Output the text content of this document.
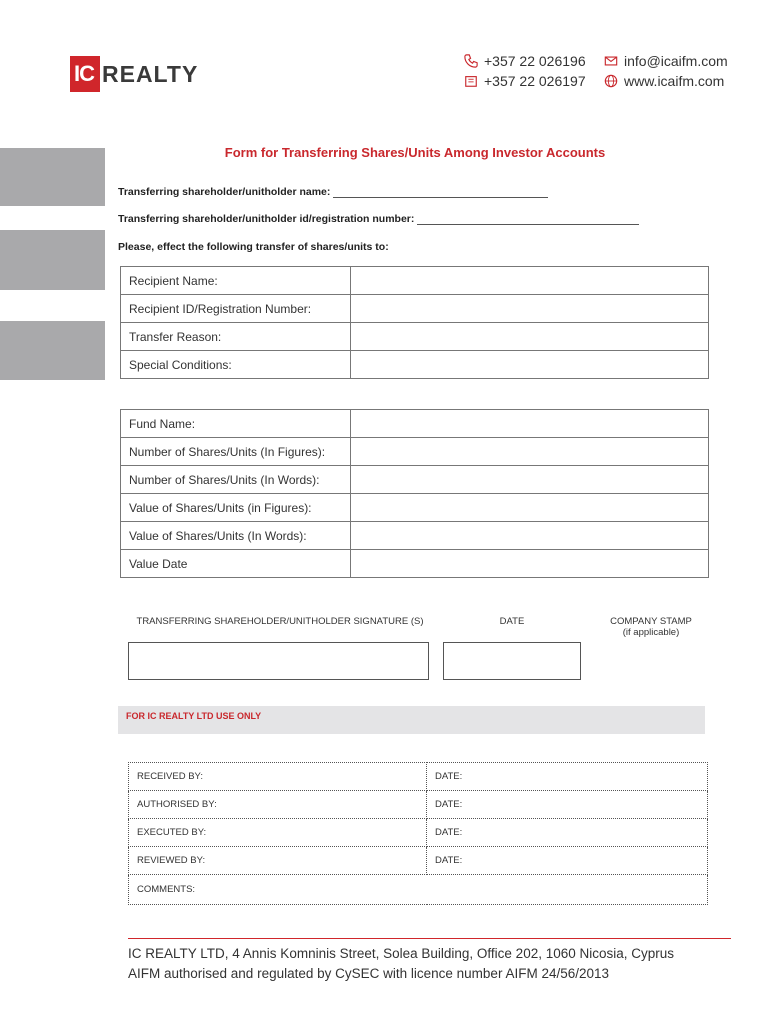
IC REALTY	+357 22 026196
+357 22 026197
info@icaifm.com
www.icaifm.com
Form for Transferring Shares/Units Among Investor Accounts
Transferring shareholder/unitholder name:
Transferring shareholder/unitholder id/registration number:
Please, effect the following transfer of shares/units to:
Recipient Name:	
Recipient ID/Registration Number:	
Transfer Reason:	
Special Conditions:	
Fund Name:	
Number of Shares/Units (In Figures):	
Number of Shares/Units (In Words):	
Value of Shares/Units (in Figures):	
Value of Shares/Units (In Words):	
Value Date	
TRANSFERRING SHAREHOLDER/UNITHOLDER SIGNATURE (S)	DATE	COMPANY STAMP
(if applicable)
FOR IC REALTY LTD USE ONLY
RECEIVED BY:	DATE:
AUTHORISED BY:	DATE:
EXECUTED BY:	DATE:
REVIEWED BY:	DATE:
COMMENTS:	
IC REALTY LTD, 4 Annis Komninis Street, Solea Building, Office 202, 1060 Nicosia, Cyprus
AIFM authorised and regulated by CySEC with licence number AIFM 24/56/2013
